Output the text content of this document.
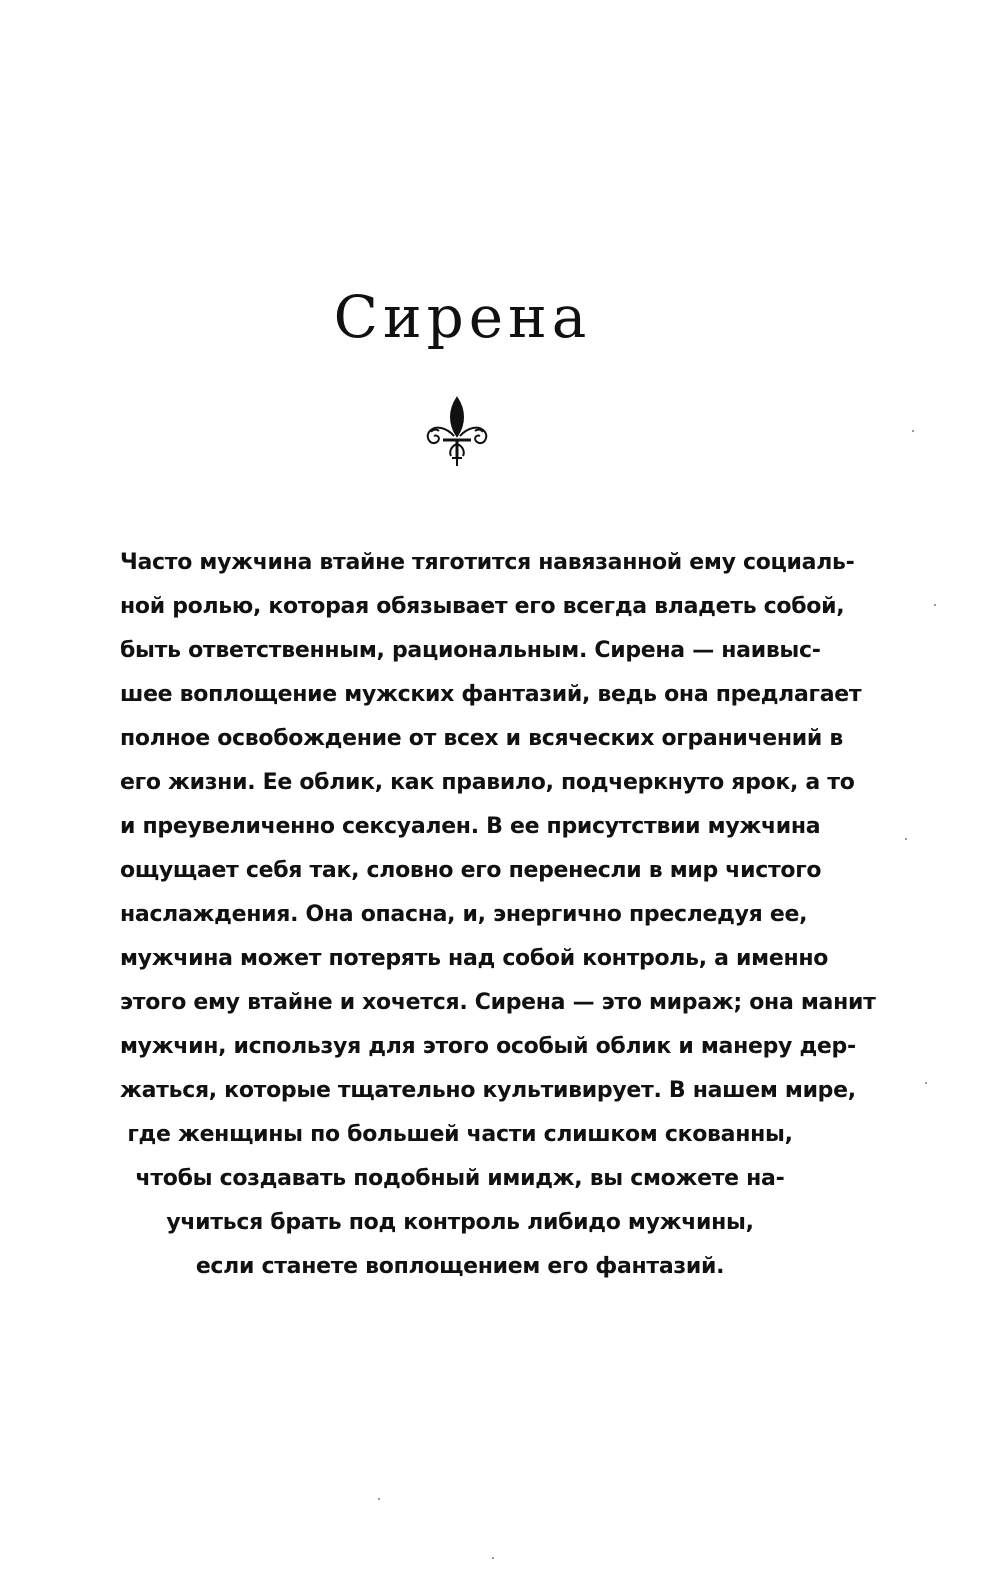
Сирена
Часто мужчина втайне тяготится навязанной ему социаль-
ной ролью, которая обязывает его всегда владеть собой,
быть ответственным, рациональным. Сирена — наивыс-
шее воплощение мужских фантазий, ведь она предлагает
полное освобождение от всех и всяческих ограничений в
его жизни. Ее облик, как правило, подчеркнуто ярок, а то
и преувеличенно сексуален. В ее присутствии мужчина
ощущает себя так, словно его перенесли в мир чистого
наслаждения. Она опасна, и, энергично преследуя ее,
мужчина может потерять над собой контроль, а именно
этого ему втайне и хочется. Сирена — это мираж; она манит
мужчин, используя для этого особый облик и манеру дер-
жаться, которые тщательно культивирует. В нашем мире,
где женщины по большей части слишком скованны,
чтобы создавать подобный имидж, вы сможете на-
учиться брать под контроль либидо мужчины,
если станете воплощением его фантазий.
